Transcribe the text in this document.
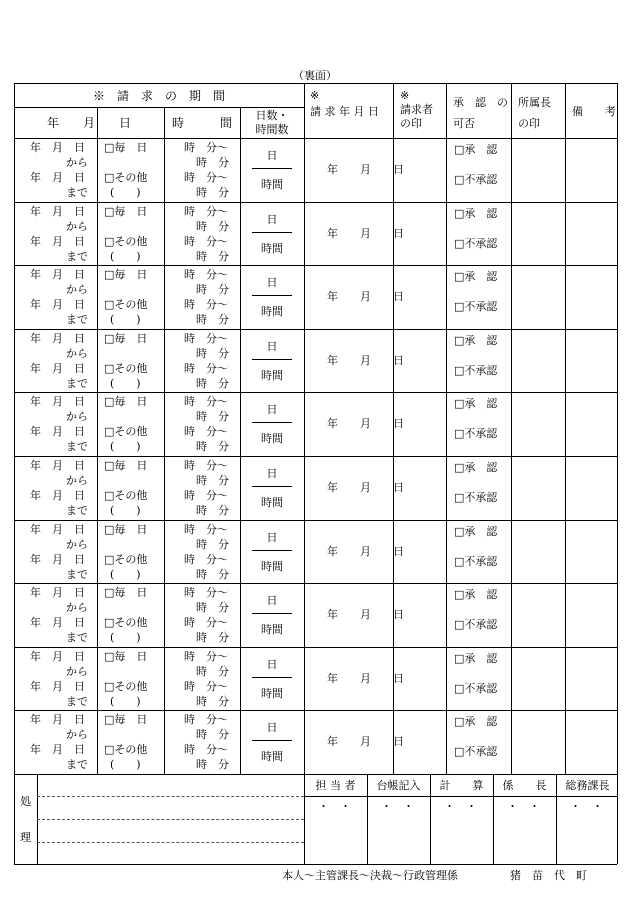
（裏面）
※　請　求　の　期　間
年　　月　　日	時　　　間
日数・
時間数
※
請 求 年 月 日
※
請求者
の印
承　認　の
可否
所属長
の印
備　　考
年　月　日
から
年　月　日
まで
□毎　日
□その他
(　　)
時　分～
時　分
時　分～
時　分
日
時間
年　　月　　日
□承　認
□不承認
年　月　日
から
年　月　日
まで
□毎　日
□その他
(　　)
時　分～
時　分
時　分～
時　分
日
時間
年　　月　　日
□承　認
□不承認
年　月　日
から
年　月　日
まで
□毎　日
□その他
(　　)
時　分～
時　分
時　分～
時　分
日
時間
年　　月　　日
□承　認
□不承認
年　月　日
から
年　月　日
まで
□毎　日
□その他
(　　)
時　分～
時　分
時　分～
時　分
日
時間
年　　月　　日
□承　認
□不承認
年　月　日
から
年　月　日
まで
□毎　日
□その他
(　　)
時　分～
時　分
時　分～
時　分
日
時間
年　　月　　日
□承　認
□不承認
年　月　日
から
年　月　日
まで
□毎　日
□その他
(　　)
時　分～
時　分
時　分～
時　分
日
時間
年　　月　　日
□承　認
□不承認
年　月　日
から
年　月　日
まで
□毎　日
□その他
(　　)
時　分～
時　分
時　分～
時　分
日
時間
年　　月　　日
□承　認
□不承認
年　月　日
から
年　月　日
まで
□毎　日
□その他
(　　)
時　分～
時　分
時　分～
時　分
日
時間
年　　月　　日
□承　認
□不承認
年　月　日
から
年　月　日
まで
□毎　日
□その他
(　　)
時　分～
時　分
時　分～
時　分
日
時間
年　　月　　日
□承　認
□不承認
年　月　日
から
年　月　日
まで
□毎　日
□その他
(　　)
時　分～
時　分
時　分～
時　分
日
時間
年　　月　　日
□承　認
□不承認
処
理
担 当 者
・　・
台帳記入
・　・
計　　算
・　・
係　　長
・　・
総務課長
・　・
本人～主管課長～決裁～行政管理係	猪　苗　代　町
